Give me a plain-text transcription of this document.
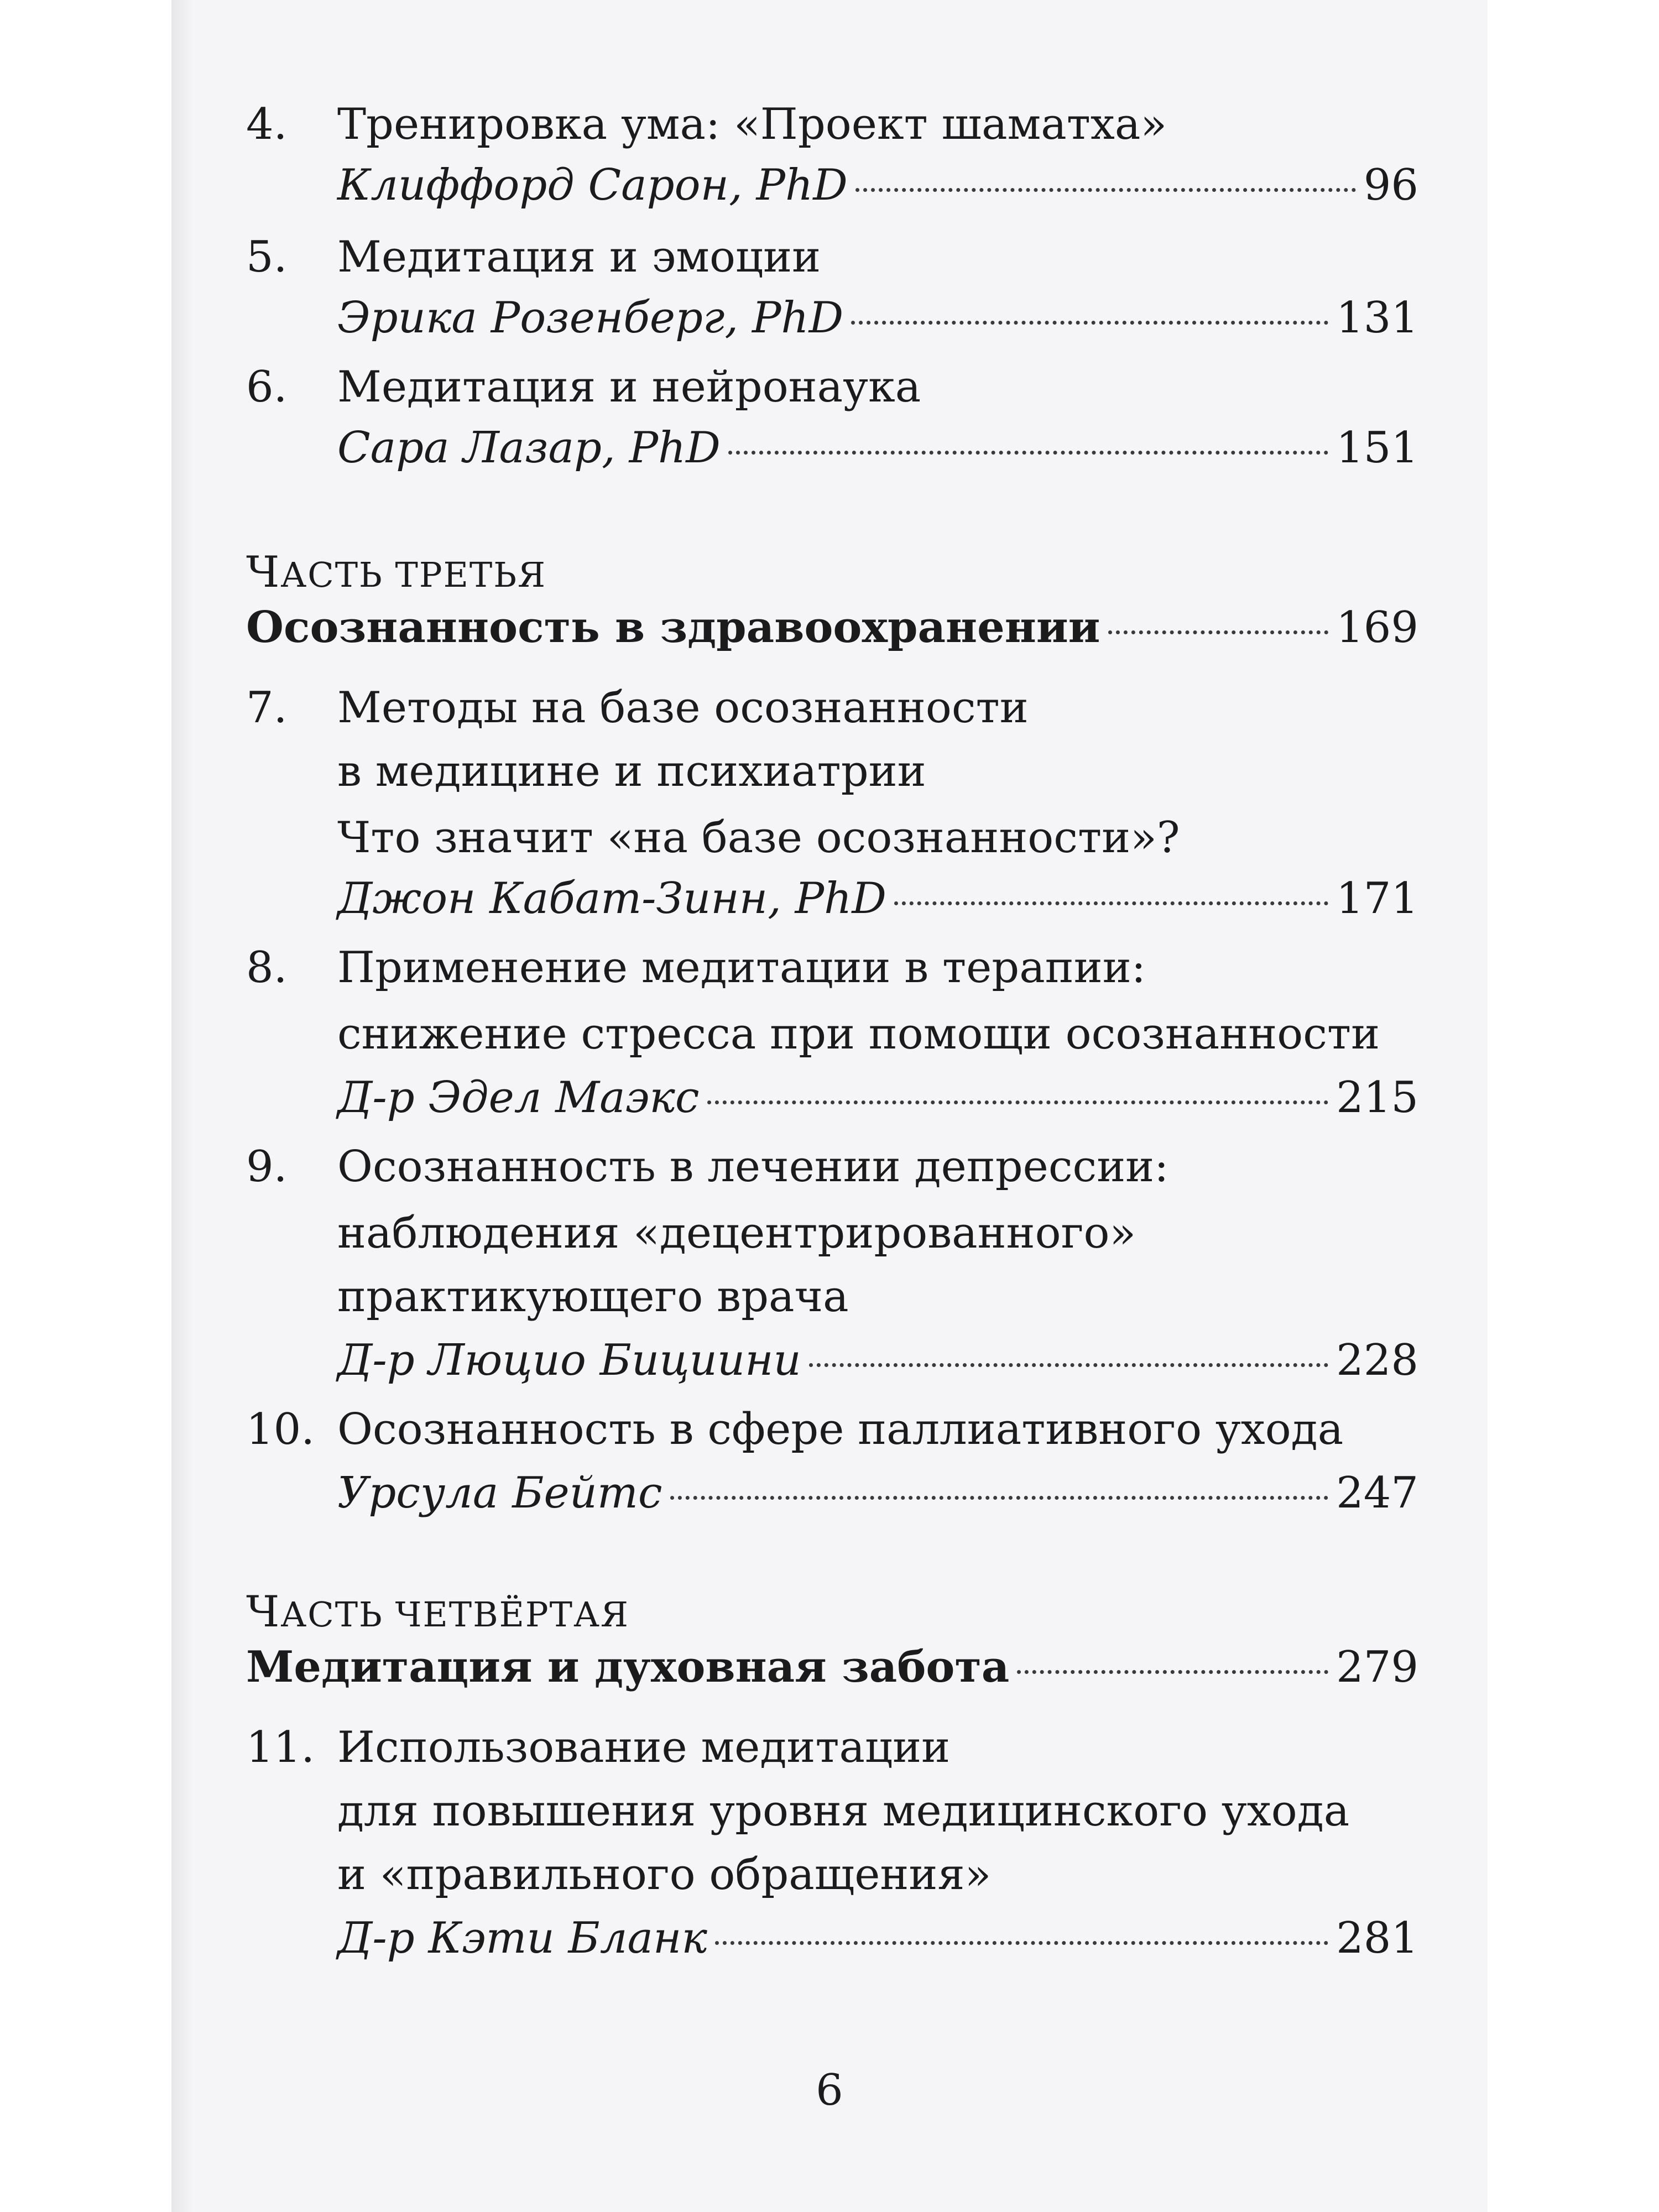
4. Тренировка ума: «Проект шаматха»
Клиффорд Сарон, PhD	96
5. Медитация и эмоции
Эрика Розенберг, PhD	131
6. Медитация и нейронаука
Сара Лазар, PhD	151
ЧАСТЬ ТРЕТЬЯ
Осознанность в здравоохранении	169
7. Методы на базе осознанности
в медицине и психиатрии
Что значит «на базе осознанности»?
Джон Кабат-Зинн, PhD	171
8. Применение медитации в терапии:
снижение стресса при помощи осознанности
Д-р Эдел Маэкс	215
9. Осознанность в лечении депрессии:
наблюдения «децентрированного»
практикующего врача
Д-р Люцио Бициини	228
10. Осознанность в сфере паллиативного ухода
Урсула Бейтс	247
ЧАСТЬ ЧЕТВЁРТАЯ
Медитация и духовная забота	279
11. Использование медитации
для повышения уровня медицинского ухода
и «правильного обращения»
Д-р Кэти Бланк	281
6
